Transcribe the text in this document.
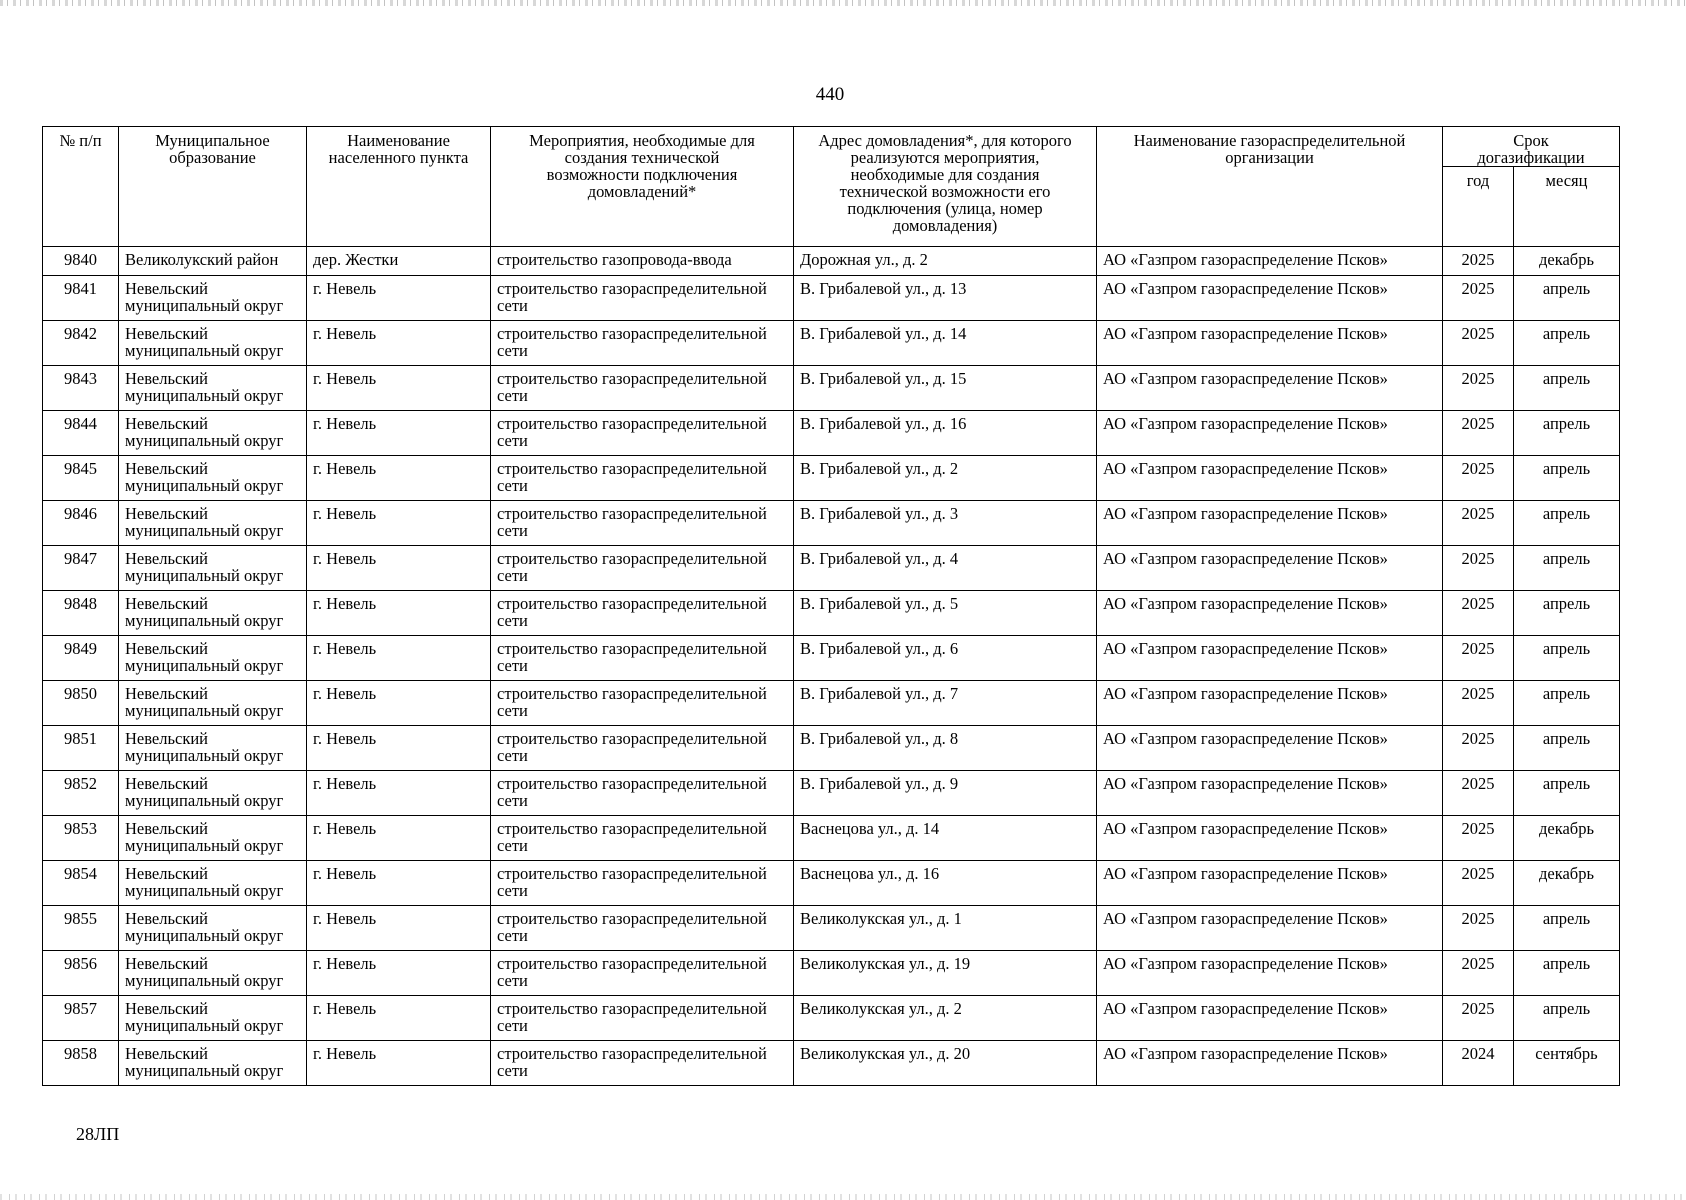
440
№ п/п	Муниципальное образование	Наименование населенного пункта	Мероприятия, необходимые для создания технической возможности подключения домовладений*	Адрес домовладения*, для которого реализуются мероприятия, необходимые для создания технической возможности его подключения (улица, номер домовладения)	Наименование газораспределительной организации	Срок догазификации	
						год	месяц
9840	Великолукский район	дер. Жестки	строительство газопровода-ввода	Дорожная ул., д. 2	АО «Газпром газораспределение Псков»	2025	декабрь
9841	Невельский муниципальный округ	г. Невель	строительство газораспределительной сети	В. Грибалевой ул., д. 13	АО «Газпром газораспределение Псков»	2025	апрель
9842	Невельский муниципальный округ	г. Невель	строительство газораспределительной сети	В. Грибалевой ул., д. 14	АО «Газпром газораспределение Псков»	2025	апрель
9843	Невельский муниципальный округ	г. Невель	строительство газораспределительной сети	В. Грибалевой ул., д. 15	АО «Газпром газораспределение Псков»	2025	апрель
9844	Невельский муниципальный округ	г. Невель	строительство газораспределительной сети	В. Грибалевой ул., д. 16	АО «Газпром газораспределение Псков»	2025	апрель
9845	Невельский муниципальный округ	г. Невель	строительство газораспределительной сети	В. Грибалевой ул., д. 2	АО «Газпром газораспределение Псков»	2025	апрель
9846	Невельский муниципальный округ	г. Невель	строительство газораспределительной сети	В. Грибалевой ул., д. 3	АО «Газпром газораспределение Псков»	2025	апрель
9847	Невельский муниципальный округ	г. Невель	строительство газораспределительной сети	В. Грибалевой ул., д. 4	АО «Газпром газораспределение Псков»	2025	апрель
9848	Невельский муниципальный округ	г. Невель	строительство газораспределительной сети	В. Грибалевой ул., д. 5	АО «Газпром газораспределение Псков»	2025	апрель
9849	Невельский муниципальный округ	г. Невель	строительство газораспределительной сети	В. Грибалевой ул., д. 6	АО «Газпром газораспределение Псков»	2025	апрель
9850	Невельский муниципальный округ	г. Невель	строительство газораспределительной сети	В. Грибалевой ул., д. 7	АО «Газпром газораспределение Псков»	2025	апрель
9851	Невельский муниципальный округ	г. Невель	строительство газораспределительной сети	В. Грибалевой ул., д. 8	АО «Газпром газораспределение Псков»	2025	апрель
9852	Невельский муниципальный округ	г. Невель	строительство газораспределительной сети	В. Грибалевой ул., д. 9	АО «Газпром газораспределение Псков»	2025	апрель
9853	Невельский муниципальный округ	г. Невель	строительство газораспределительной сети	Васнецова ул., д. 14	АО «Газпром газораспределение Псков»	2025	декабрь
9854	Невельский муниципальный округ	г. Невель	строительство газораспределительной сети	Васнецова ул., д. 16	АО «Газпром газораспределение Псков»	2025	декабрь
9855	Невельский муниципальный округ	г. Невель	строительство газораспределительной сети	Великолукская ул., д. 1	АО «Газпром газораспределение Псков»	2025	апрель
9856	Невельский муниципальный округ	г. Невель	строительство газораспределительной сети	Великолукская ул., д. 19	АО «Газпром газораспределение Псков»	2025	апрель
9857	Невельский муниципальный округ	г. Невель	строительство газораспределительной сети	Великолукская ул., д. 2	АО «Газпром газораспределение Псков»	2025	апрель
9858	Невельский муниципальный округ	г. Невель	строительство газораспределительной сети	Великолукская ул., д. 20	АО «Газпром газораспределение Псков»	2024	сентябрь
28ЛП
